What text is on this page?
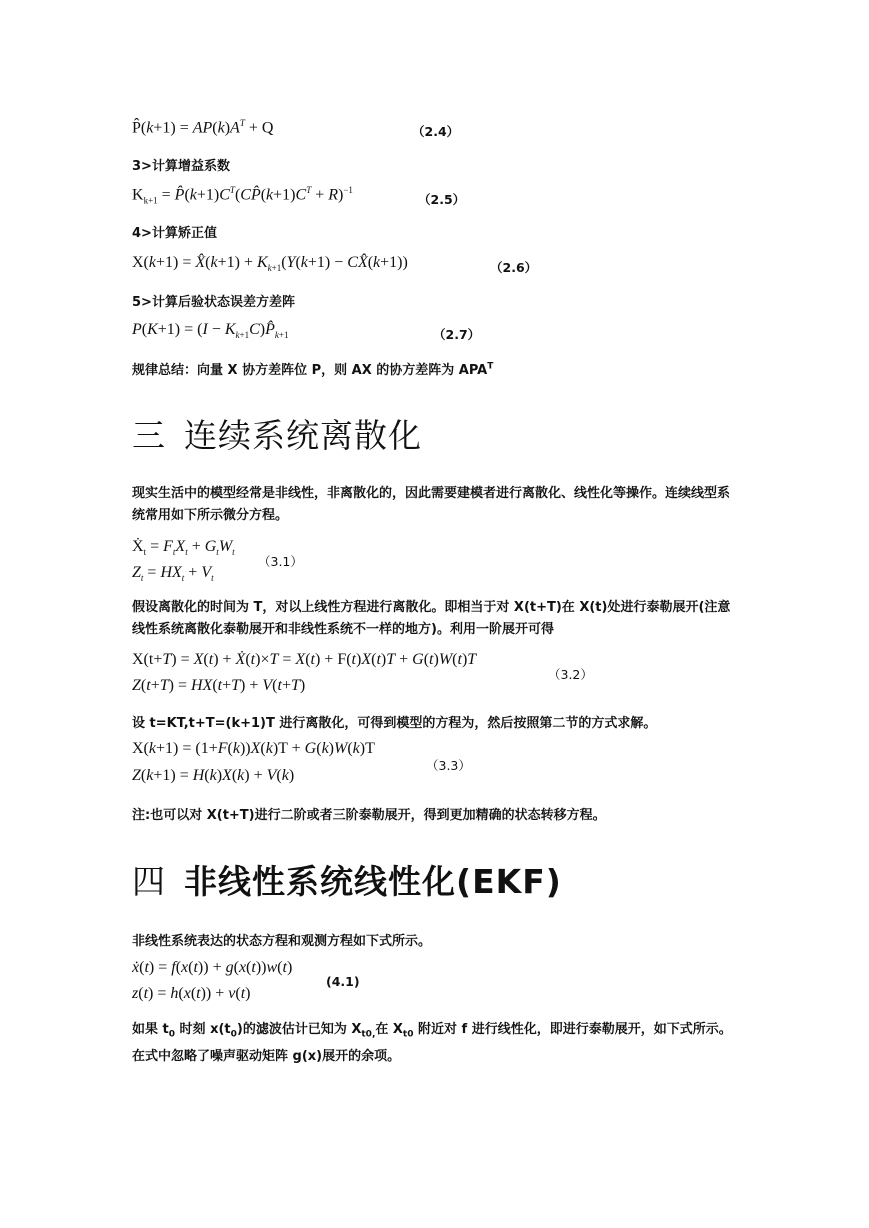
P̂(k+1) = $AP(k)A^T + Q$	（2.4）
3>计算增益系数
$K_{k+1}$ = $P̂(k+1)C^T(CP̂(k+1)C^T + R)^{-1}$
（2.5）
4>计算矫正值
X(k+1) = X̂(k+1) + $K_{k+1}(Y(k+1)$ − CX̂(k+1))	（2.6）
5>计算后验状态误差方差阵
$P(K+1) = (I - K_{k+1}C)P̂_{k+1}$	（2.7）
规律总结：向量 X 协方差阵位 P，则 AX 的协方差阵为 $APA^T$
三 连续系统离散化
现实生活中的模型经常是非线性，非离散化的，因此需要建模者进行离散化、线性化等操作。连续线型系统常用如下所示微分方程。
Ẋ$_t$ = $F_tX_t + G_tW_t$
$Z_t = HX_t + V_t$
（3.1）
假设离散化的时间为 T，对以上线性方程进行离散化。即相当于对 X(t+T)在 X(t)处进行泰勒展开(注意线性系统离散化泰勒展开和非线性系统不一样的地方)。利用一阶展开可得
X(t+T) = X(t) + Ẋ(t)×T = X(t) + F(t)X(t)T + G(t)W(t)T
Z(t+T) = HX(t+T) + V(t+T)
（3.2）
设 t=KT,t+T=(k+1)T 进行离散化，可得到模型的方程为，然后按照第二节的方式求解。
X(k+1) = (1+F(k))X(k)T + G(k)W(k)T
Z(k+1) = H(k)X(k) + V(k)
（3.3）
注:也可以对 X(t+T)进行二阶或者三阶泰勒展开，得到更加精确的状态转移方程。
四 非线性系统线性化(EKF)
非线性系统表达的状态方程和观测方程如下式所示。
ẋ(t) = f(x(t)) + g(x(t))w(t)
z(t) = h(x(t)) + v(t)
(4.1)
如果 $t_0$ 时刻 $x(t_0)$的滤波估计已知为 $X_{t0,}$在 $X_{t0}$ 附近对 f 进行线性化，即进行泰勒展开，如下式所示。在式中忽略了噪声驱动矩阵 g(x)展开的余项。
